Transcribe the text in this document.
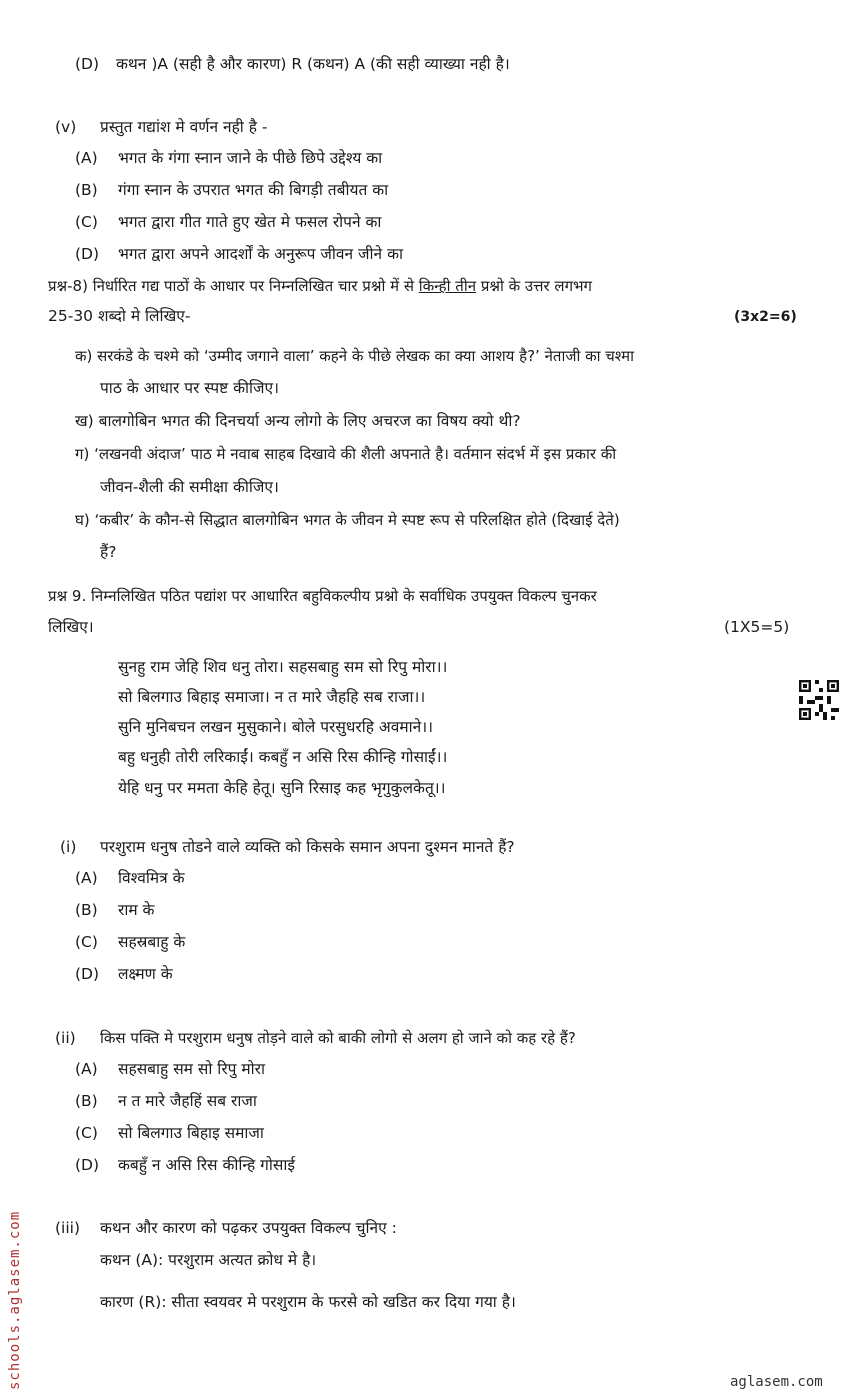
(D) कथन )A (सही है और कारण) R (कथन) A (की सही व्याख्या नही है।
(v) प्रस्तुत गद्यांश मे वर्णन नही है -
(A) भगत के गंगा स्नान जाने के पीछे छिपे उद्देश्य का
(B) गंगा स्नान के उपरात भगत की बिगड़ी तबीयत का
(C) भगत द्वारा गीत गाते हुए खेत मे फसल रोपने का
(D) भगत द्वारा अपने आदर्शों के अनुरूप जीवन जीने का
प्रश्न-8) निर्धारित गद्य पाठों के आधार पर निम्नलिखित चार प्रश्नो में से किन्ही तीन प्रश्नो के उत्तर लगभग
25-30 शब्दो मे लिखिए-	(3x2=6)
क) सरकंडे के चश्मे को ‘उम्मीद जगाने वाला’ कहने के पीछे लेखक का क्या आशय है?’ नेताजी का चश्मा
पाठ के आधार पर स्पष्ट कीजिए।
ख) बालगोबिन भगत की दिनचर्या अन्य लोगो के लिए अचरज का विषय क्यो थी?
ग) ‘लखनवी अंदाज’ पाठ मे नवाब साहब दिखावे की शैली अपनाते है। वर्तमान संदर्भ में इस प्रकार की
जीवन-शैली की समीक्षा कीजिए।
घ) ‘कबीर’ के कौन-से सिद्धात बालगोबिन भगत के जीवन मे स्पष्ट रूप से परिलक्षित होते (दिखाई देते)
हैं?
प्रश्न 9. निम्नलिखित पठित पद्यांश पर आधारित बहुविकल्पीय प्रश्नो के सर्वाधिक उपयुक्त विकल्प चुनकर
लिखिए।	(1X5=5)
सुनहु राम जेहि शिव धनु तोरा। सहसबाहु सम सो रिपु मोरा।।
सो बिलगाउ बिहाइ समाजा। न त मारे जैहहि सब राजा।।
सुनि मुनिबचन लखन मुसुकाने। बोले परसुधरहि अवमाने।।
बहु धनुही तोरी लरिकाईं। कबहुँ न असि रिस कीन्हि गोसाईं।।
येहि धनु पर ममता केहि हेतू। सुनि रिसाइ कह भृगुकुलकेतू।।
(i) परशुराम धनुष तोडने वाले व्यक्ति को किसके समान अपना दुश्मन मानते हैं?
(A) विश्वमित्र के
(B) राम के
(C) सहस्रबाहु के
(D) लक्ष्मण के
(ii) किस पक्ति मे परशुराम धनुष तोड़ने वाले को बाकी लोगो से अलग हो जाने को कह रहे हैं?
(A) सहसबाहु सम सो रिपु मोरा
(B) न त मारे जैहहिं सब राजा
(C) सो बिलगाउ बिहाइ समाजा
(D) कबहुँ न असि रिस कीन्हि गोसाई
(iii) कथन और कारण को पढ़कर उपयुक्त विकल्प चुनिए :
कथन (A): परशुराम अत्यत क्रोध मे है।
कारण (R): सीता स्वयवर मे परशुराम के फरसे को खडित कर दिया गया है।
schools.aglasem.com	aglasem.com
